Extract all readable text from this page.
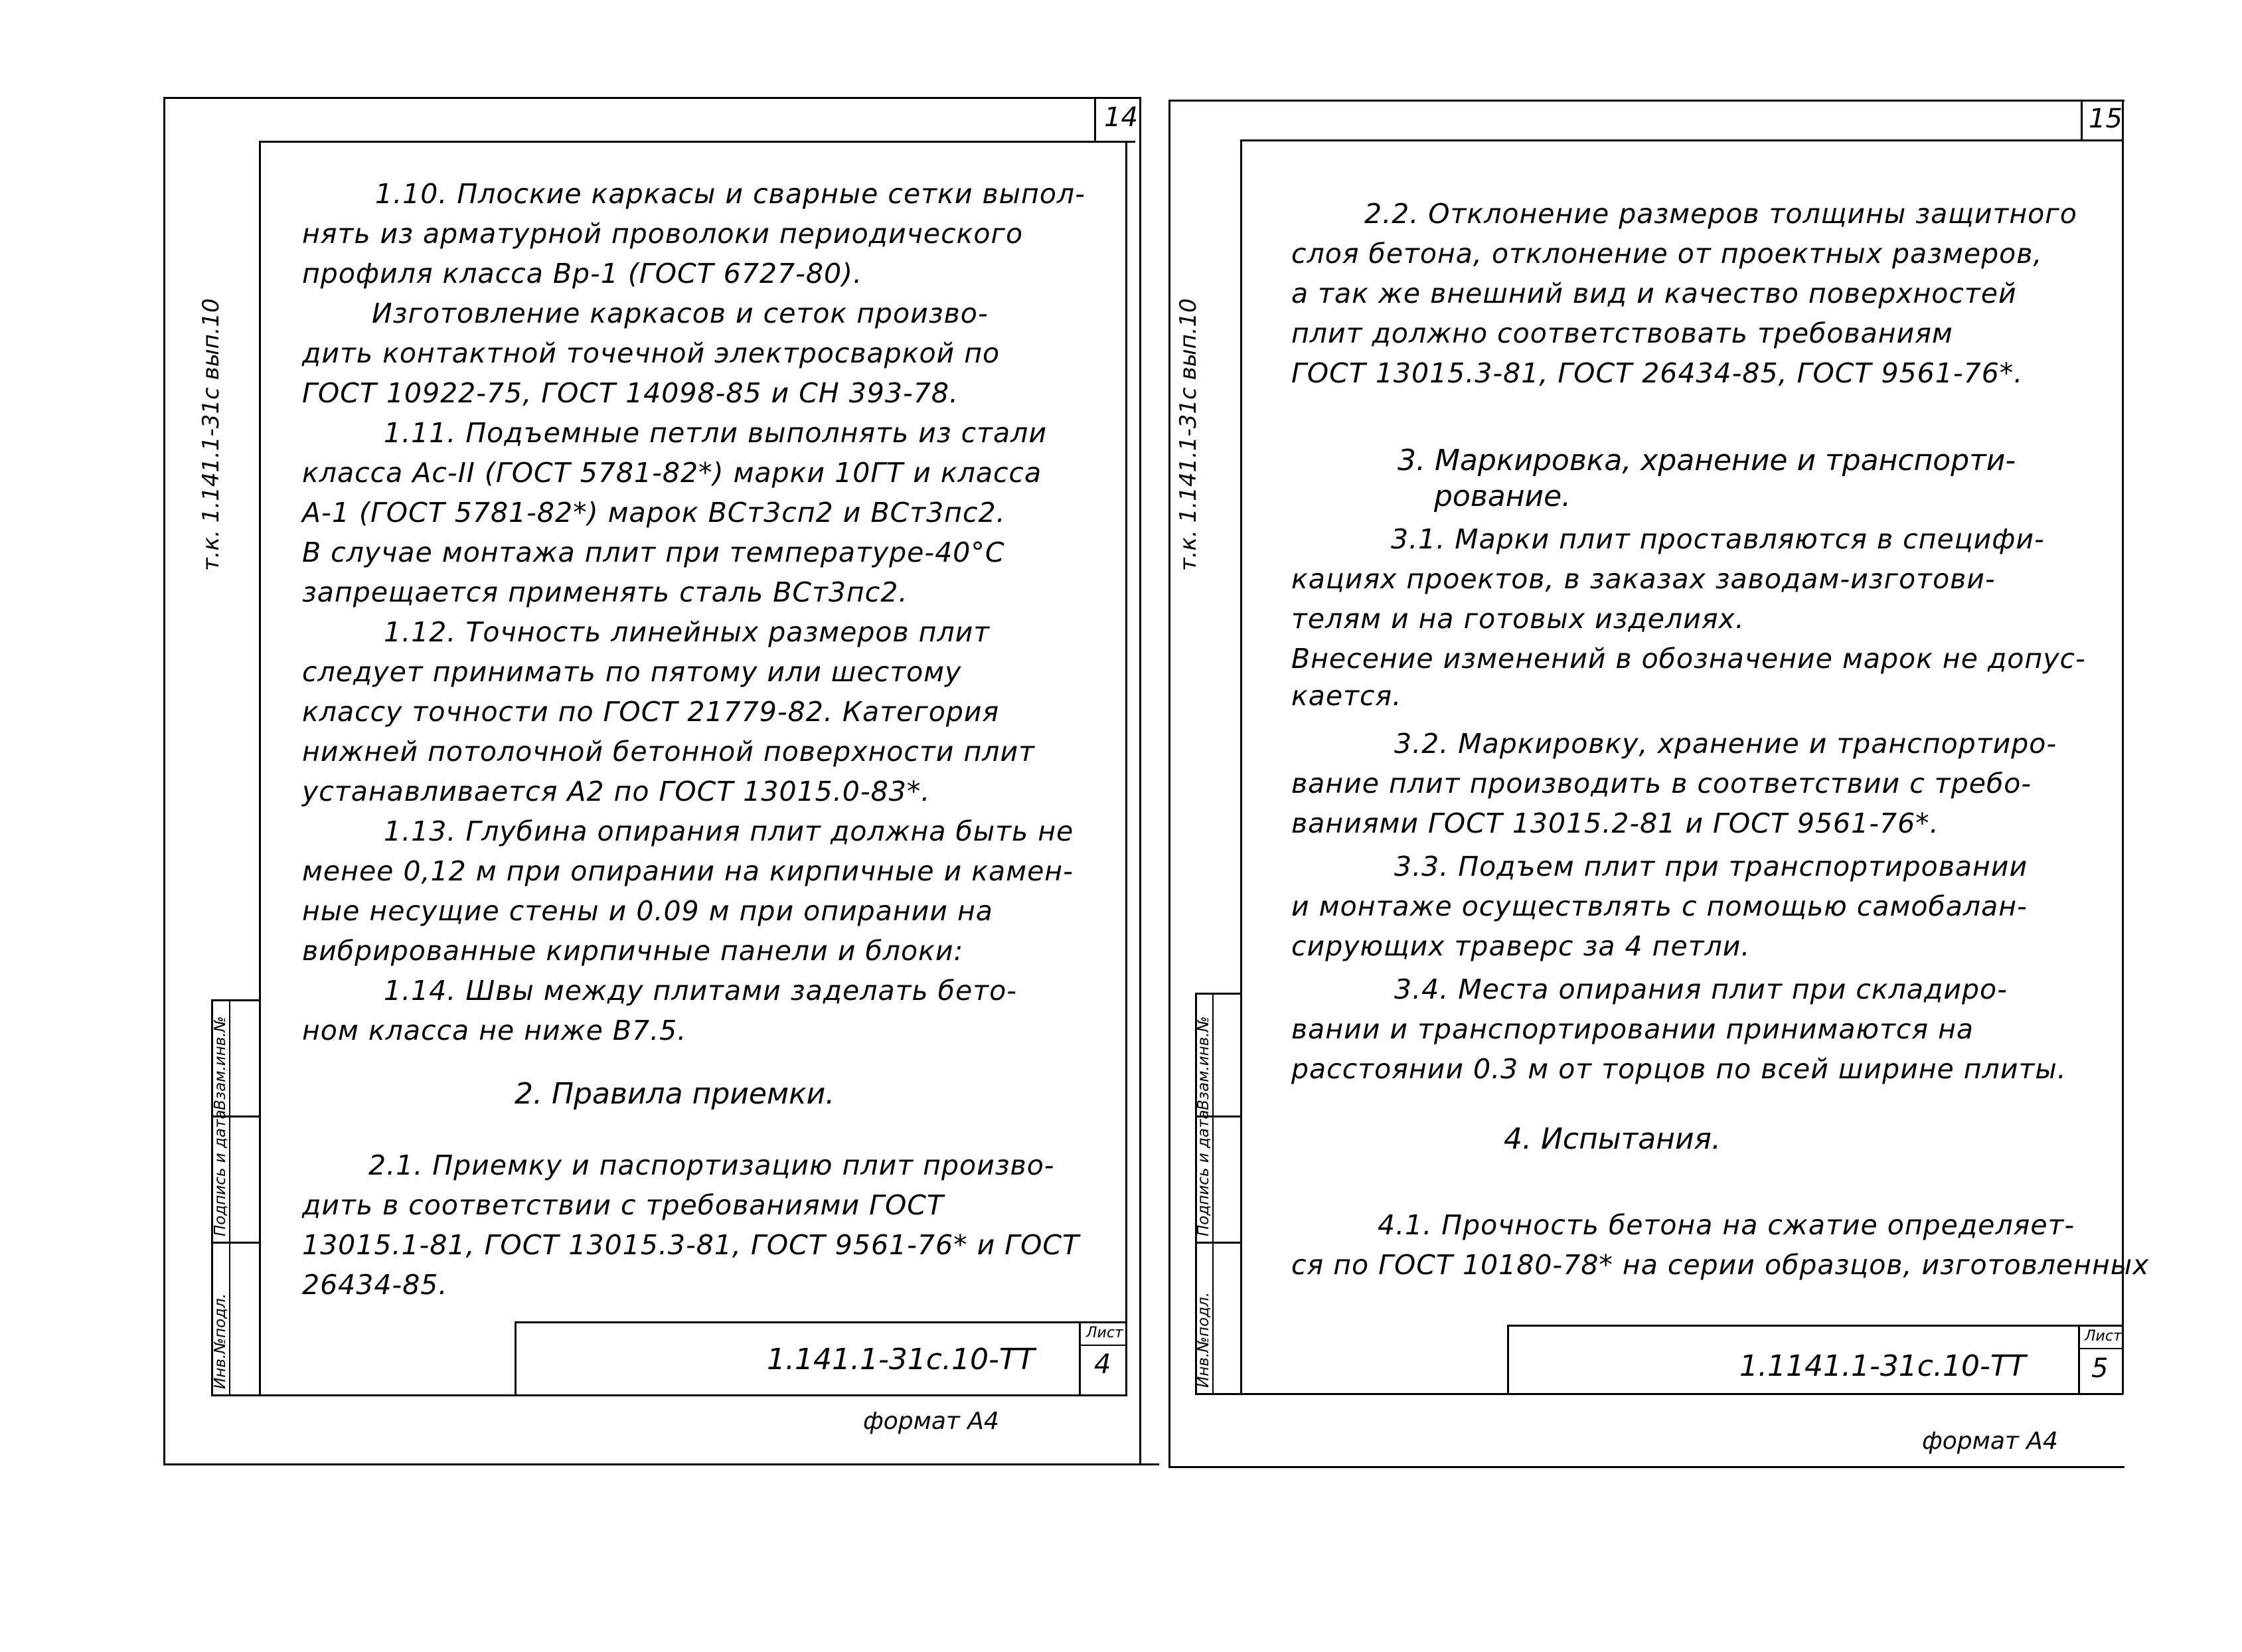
14
т.к. 1.141.1-31с вып.10
Инв.№подл.
Подпись и дата
Взам.инв.№
1.10. Плоские каркасы и сварные сетки выпол-
нять из арматурной проволоки периодического
профиля класса Вр-1 (ГОСТ 6727-80).
Изготовление каркасов и сеток произво-
дить контактной точечной электросваркой по
ГОСТ 10922-75, ГОСТ 14098-85 и СН 393-78.
1.11. Подъемные петли выполнять из стали
класса Ас-II (ГОСТ 5781-82*) марки 10ГТ и класса
А-1 (ГОСТ 5781-82*) марок ВСт3сп2 и ВСт3пс2.
В случае монтажа плит при температуре-40°С
запрещается применять сталь ВСт3пс2.
1.12. Точность линейных размеров плит
следует принимать по пятому или шестому
классу точности по ГОСТ 21779-82. Категория
нижней потолочной бетонной поверхности плит
устанавливается А2 по ГОСТ 13015.0-83*.
1.13. Глубина опирания плит должна быть не
менее 0,12 м при опирании на кирпичные и камен-
ные несущие стены и 0.09 м при опирании на
вибрированные кирпичные панели и блоки:
1.14. Швы между плитами заделать бето-
ном класса не ниже В7.5.
2. Правила приемки.
2.1. Приемку и паспортизацию плит произво-
дить в соответствии с требованиями ГОСТ
13015.1-81, ГОСТ 13015.3-81, ГОСТ 9561-76* и ГОСТ
26434-85.
1.141.1-31с.10-ТТ
Лист
4
формат А4
15
т.к. 1.141.1-31с вып.10
Инв.№подл.
Подпись и дата
Взам.инв.№
2.2. Отклонение размеров толщины защитного
слоя бетона, отклонение от проектных размеров,
а так же внешний вид и качество поверхностей
плит должно соответствовать требованиям
ГОСТ 13015.3-81, ГОСТ 26434-85, ГОСТ 9561-76*.
3. Маркировка, хранение и транспорти-
рование.
3.1. Марки плит проставляются в специфи-
кациях проектов, в заказах заводам-изготови-
телям и на готовых изделиях.
Внесение изменений в обозначение марок не допус-
кается.
3.2. Маркировку, хранение и транспортиро-
вание плит производить в соответствии с требо-
ваниями ГОСТ 13015.2-81 и ГОСТ 9561-76*.
3.3. Подъем плит при транспортировании
и монтаже осуществлять с помощью самобалан-
сирующих траверс за 4 петли.
3.4. Места опирания плит при складиро-
вании и транспортировании принимаются на
расстоянии 0.3 м от торцов по всей ширине плиты.
4. Испытания.
4.1. Прочность бетона на сжатие определяет-
ся по ГОСТ 10180-78* на серии образцов, изготовленных
1.1141.1-31с.10-ТТ
Лист
5
формат А4
